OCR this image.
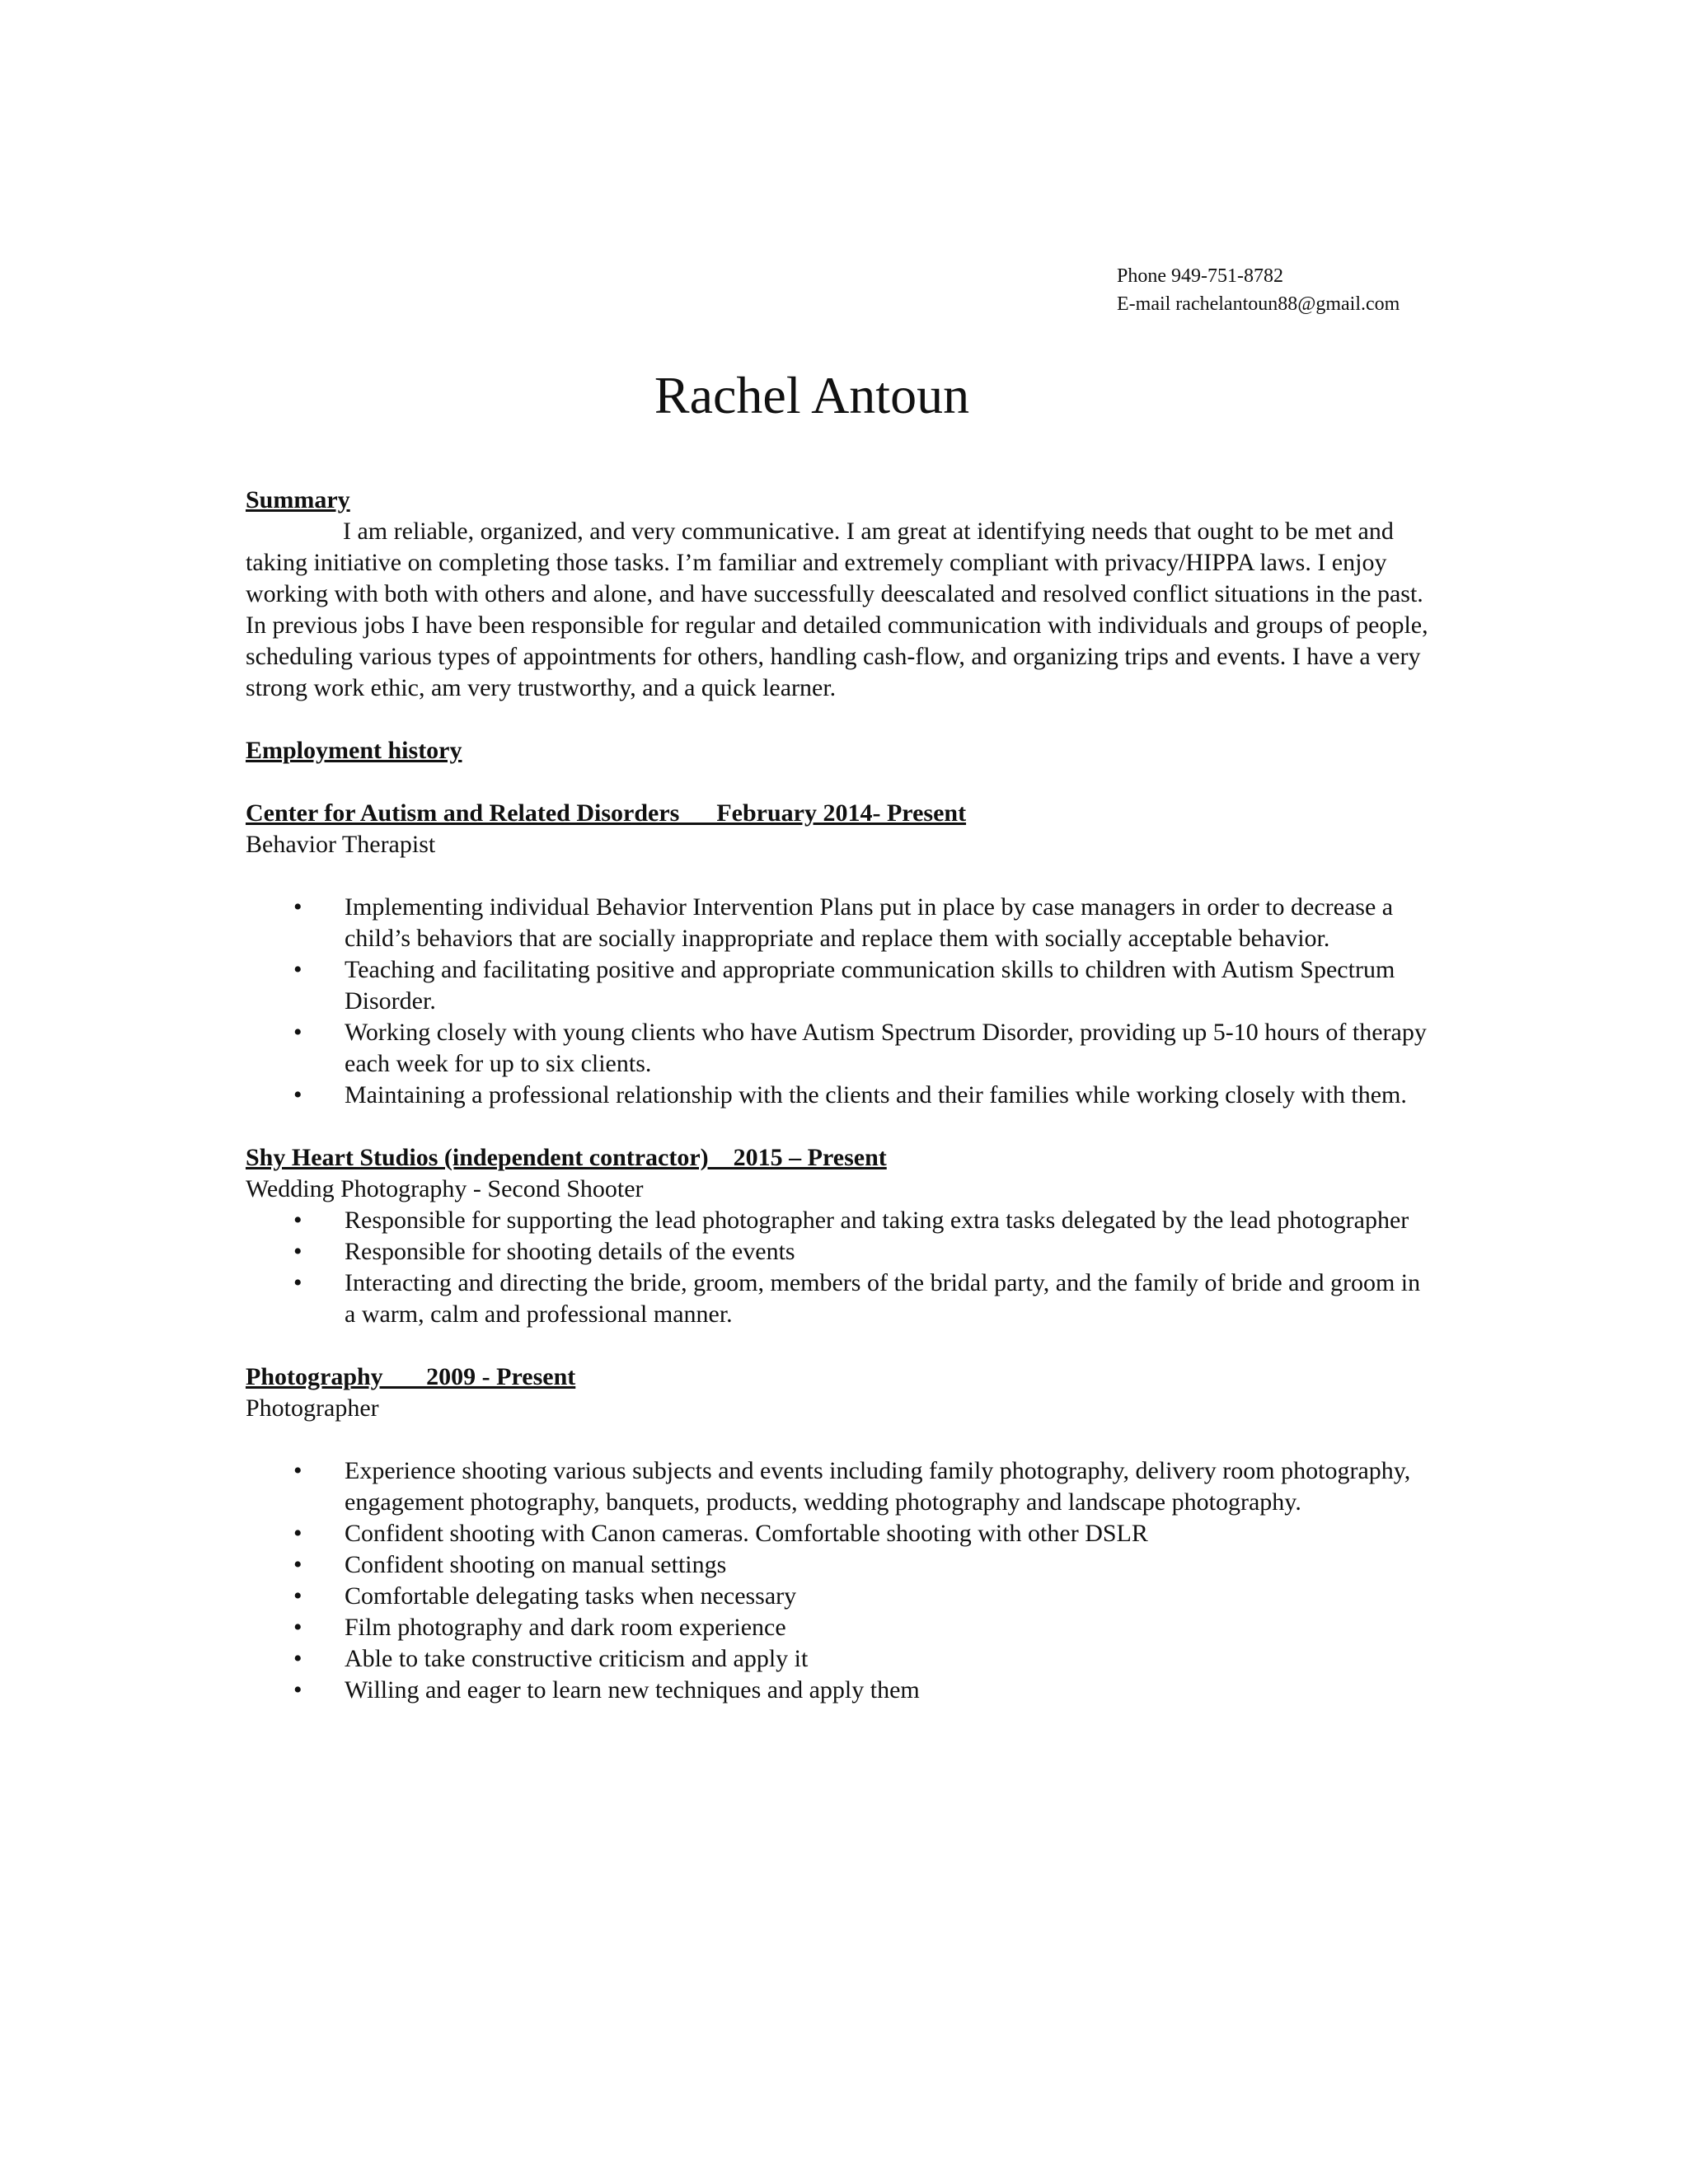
Phone 949-751-8782
E-mail rachelantoun88@gmail.com
Rachel Antoun

Summary

I am reliable, organized, and very communicative. I am great at identifying needs that ought to be met and taking initiative on completing those tasks. I’m familiar and extremely compliant with privacy/HIPPA laws. I enjoy working with both with others and alone, and have successfully deescalated and resolved conflict situations in the past. In previous jobs I have been responsible for regular and detailed communication with individuals and groups of people, scheduling various types of appointments for others, handling cash-flow, and organizing trips and events. I have a very strong work ethic, am very trustworthy, and a quick learner.

Employment history

Center for Autism and Related Disorders      February 2014- Present

Behavior Therapist

• Implementing individual Behavior Intervention Plans put in place by case managers in order to decrease a child’s behaviors that are socially inappropriate and replace them with socially acceptable behavior.
• Teaching and facilitating positive and appropriate communication skills to children with Autism Spectrum Disorder.
• Working closely with young clients who have Autism Spectrum Disorder, providing up 5-10 hours of therapy each week for up to six clients.
• Maintaining a professional relationship with the clients and their families while working closely with them.

Shy Heart Studios (independent contractor)    2015 – Present

Wedding Photography - Second Shooter

• Responsible for supporting the lead photographer and taking extra tasks delegated by the lead photographer
• Responsible for shooting details of the events
• Interacting and directing the bride, groom, members of the bridal party, and the family of bride and groom in a warm, calm and professional manner.

Photography       2009 - Present

Photographer

• Experience shooting various subjects and events including family photography, delivery room photography, engagement photography, banquets, products, wedding photography and landscape photography.
• Confident shooting with Canon cameras. Comfortable shooting with other DSLR
• Confident shooting on manual settings
• Comfortable delegating tasks when necessary
• Film photography and dark room experience
• Able to take constructive criticism and apply it
• Willing and eager to learn new techniques and apply them
